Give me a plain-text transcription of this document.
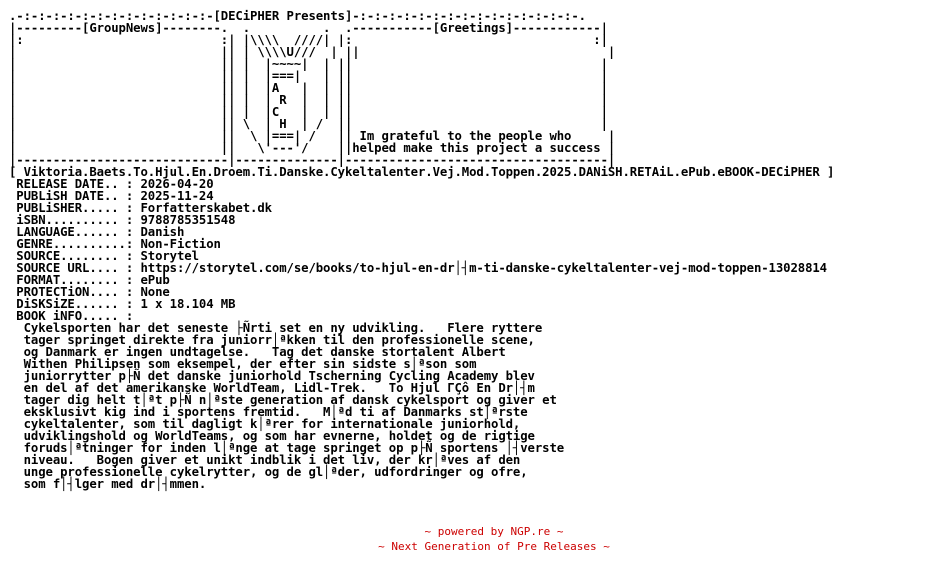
.-:-:-:-:-:-:-:-:-:-:-:-:-:-[DECiPHER Presents]-:-:-:-:-:-:-:-:-:-:-:-:-:-:-:-.
|---------[GroupNews]--------.  .          .  .-----------[Greetings]------------|
|:                           :| |\\\\  ////| |:                                 :|
|                            || | \\\\U///  | ||                                  |
|                            || |  |~~~~|  | ||                                  |
|                            || |  |===|   | ||                                  |
|                            || |  |A   |  | ||                                  |
|                            || |  | R  |  | ||                                  |
|                            || |  |C   |  | ||                                  |
|                            || \  | H  | /  ||                                  |
|                            ||  \ |===| /   || Im grateful to the people who     |
|                            ||   \'---'/    ||helped make this project a success |
|-----------------------------|--------------|------------------------------------|
[ Viktoria.Baets.To.Hjul.En.Droem.Ti.Danske.Cykeltalenter.Vej.Mod.Toppen.2025.DANiSH.RETAiL.ePub.eBOOK-DECiPHER ]
RELEASE DATE.. : 2026-04-20
PUBLiSH DATE.. : 2025-11-24
PUBLiSHER..... : Forfatterskabet.dk
iSBN.......... : 9788785351548
LANGUAGE...... : Danish
GENRE..........: Non-Fiction
SOURCE........ : Storytel
SOURCE URL.... : https://storytel.com/se/books/to-hjul-en-dr│┤m-ti-danske-cykeltalenter-vej-mod-toppen-13028814
FORMAT........ : ePub
PROTECTiON.... : None
DiSKSiZE...... : 1 x 18.104 MB
BOOK iNFO..... :
Cykelsporten har det seneste ├Ñrti set en ny udvikling.   Flere ryttere
tager springet direkte fra juniorr│ªkken til den professionelle scene,
og Danmark er ingen undtagelse.   Tag det danske stortalent Albert
Withen Philipsen som eksempel, der efter sin sidste s│ªson som
juniorrytter p├Ñ det danske juniorhold Tscherning Cycling Academy blev
en del af det amerikanske WorldTeam, Lidl-Trek.   To Hjul ΓÇô En Dr│┤m
tager dig helt t│ªt p├Ñ n│ªste generation af dansk cykelsport og giver et
eksklusivt kig ind i sportens fremtid.   M│ªd ti af Danmarks st│ªrste
cykeltalenter, som til dagligt k│ªrer for internationale juniorhold,
udviklingshold og WorldTeams, og som har evnerne, holdet og de rigtige
foruds│ªtninger for inden l│ªnge at tage springet op p├Ñ sportens │┤verste
niveau.   Bogen giver et unikt indblik i det liv, der kr│ªves af den
unge professionelle cykelrytter, og de gl│ªder, udfordringer og ofre,
som f│┤lger med dr│┤mmen.
~ powered by NGP.re ~
~ Next Generation of Pre Releases ~
